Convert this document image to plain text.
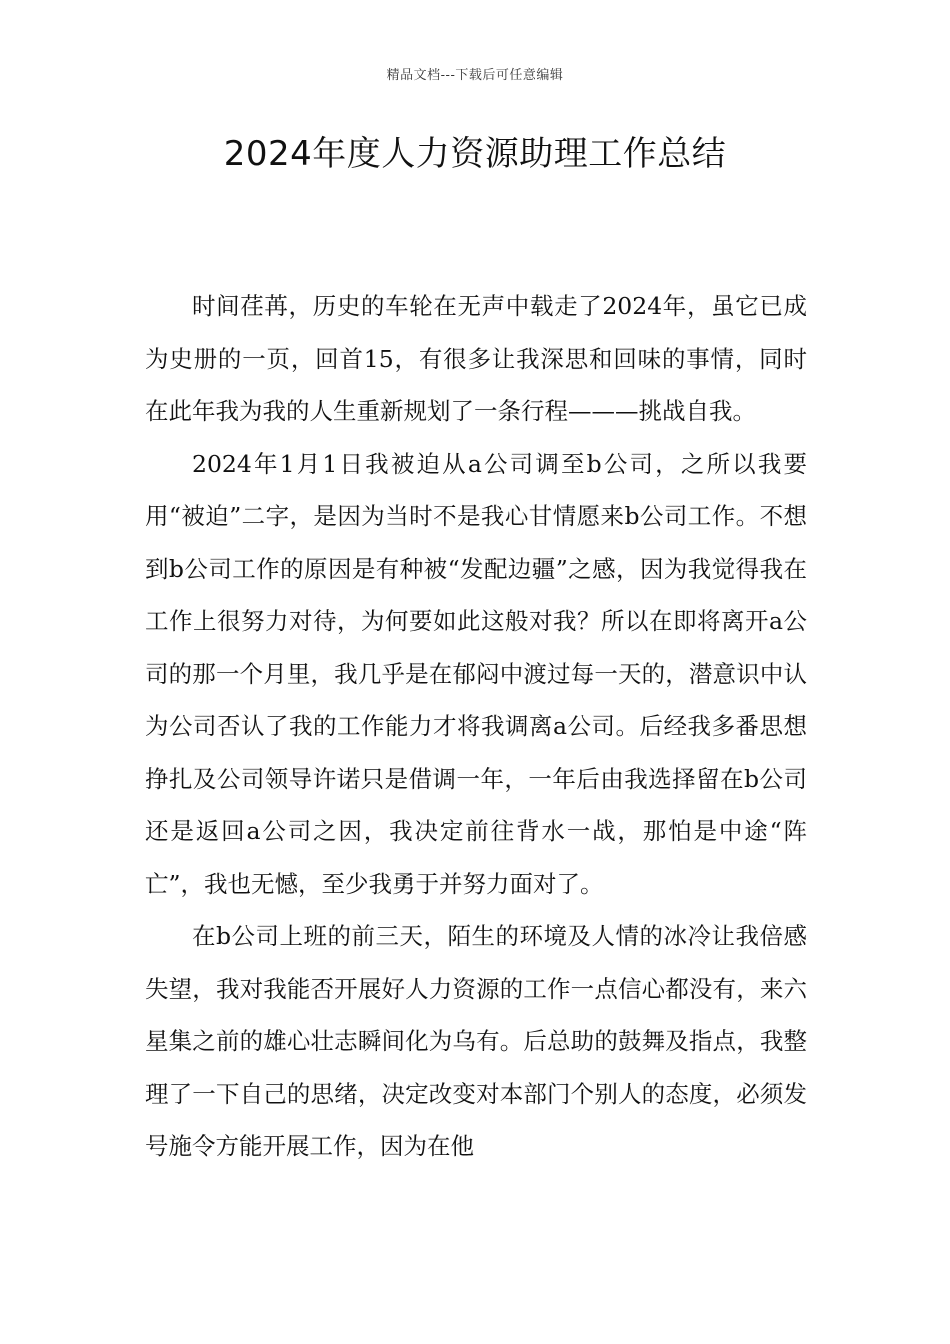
精品文档---下载后可任意编辑
2024年度人力资源助理工作总结

时间荏苒，历史的车轮在无声中载走了2024年，虽它已成为史册的一页，回首15，有很多让我深思和回味的事情，同时在此年我为我的人生重新规划了一条行程———挑战自我。

2024年1月1日我被迫从a公司调至b公司，之所以我要用“被迫”二字，是因为当时不是我心甘情愿来b公司工作。不想到b公司工作的原因是有种被“发配边疆”之感，因为我觉得我在工作上很努力对待，为何要如此这般对我？所以在即将离开a公司的那一个月里，我几乎是在郁闷中渡过每一天的，潜意识中认为公司否认了我的工作能力才将我调离a公司。后经我多番思想挣扎及公司领导许诺只是借调一年，一年后由我选择留在b公司还是返回a公司之因，我决定前往背水一战，那怕是中途“阵亡”，我也无憾，至少我勇于并努力面对了。

在b公司上班的前三天，陌生的环境及人情的冰冷让我倍感失望，我对我能否开展好人力资源的工作一点信心都没有，来六星集之前的雄心壮志瞬间化为乌有。后总助的鼓舞及指点，我整理了一下自己的思绪，决定改变对本部门个别人的态度，必须发号施令方能开展工作，因为在他
